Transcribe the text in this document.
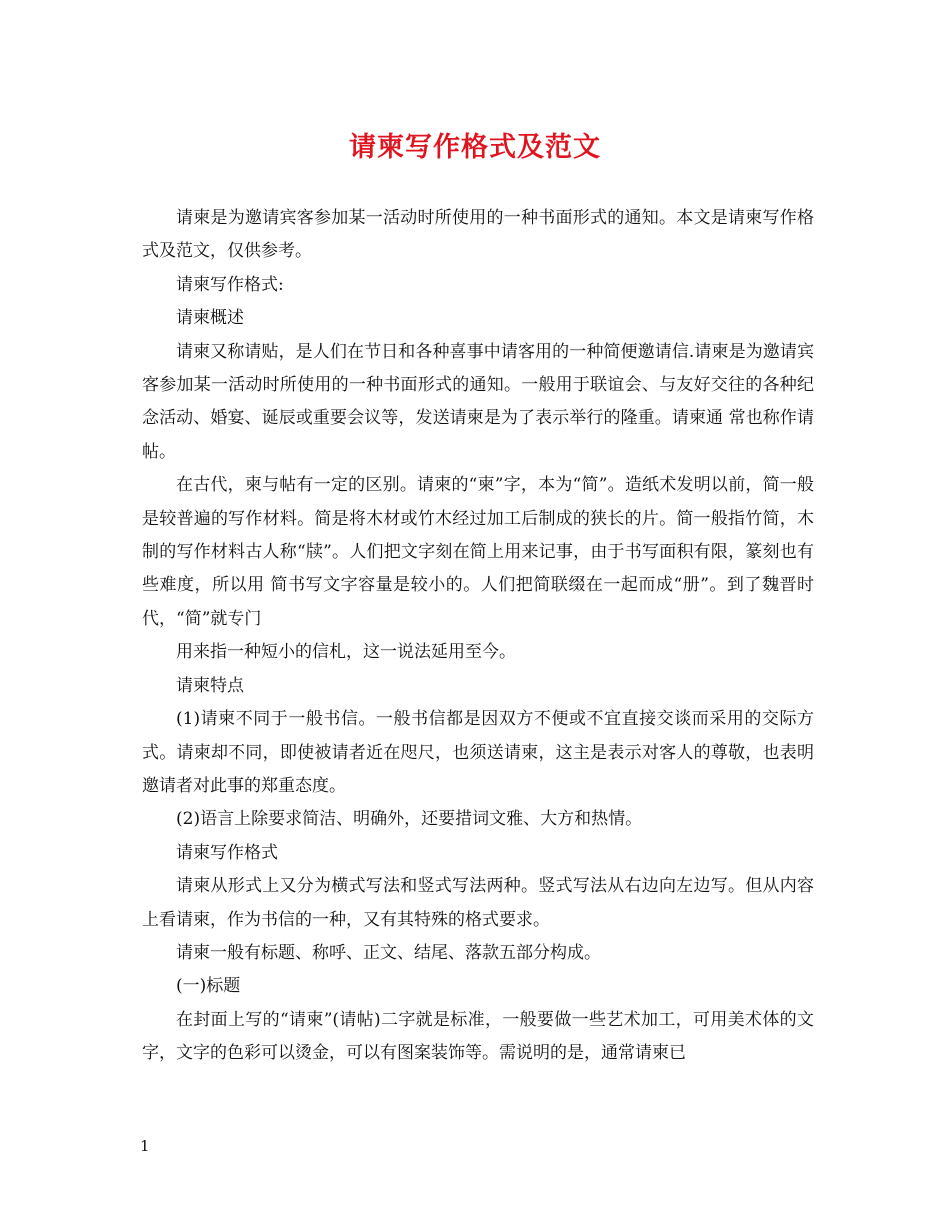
请柬写作格式及范文

请柬是为邀请宾客参加某一活动时所使用的一种书面形式的通知。本文是请柬写作格式及范文，仅供参考。

请柬写作格式:

请柬概述

请柬又称请贴，是人们在节日和各种喜事中请客用的一种简便邀请信.请柬是为邀请宾客参加某一活动时所使用的一种书面形式的通知。一般用于联谊会、与友好交往的各种纪念活动、婚宴、诞辰或重要会议等，发送请柬是为了表示举行的隆重。请柬通 常也称作请帖。

在古代，柬与帖有一定的区别。请柬的“柬”字，本为“简”。造纸术发明以前，简一般是较普遍的写作材料。简是将木材或竹木经过加工后制成的狭长的片。简一般指竹简，木制的写作材料古人称“牍”。人们把文字刻在简上用来记事，由于书写面积有限，篆刻也有些难度，所以用 简书写文字容量是较小的。人们把简联缀在一起而成“册”。到了魏晋时代，“简”就专门

用来指一种短小的信札，这一说法延用至今。

请柬特点

(1)请柬不同于一般书信。一般书信都是因双方不便或不宜直接交谈而采用的交际方式。请柬却不同，即使被请者近在咫尺，也须送请柬，这主是表示对客人的尊敬，也表明邀请者对此事的郑重态度。

(2)语言上除要求简洁、明确外，还要措词文雅、大方和热情。

请柬写作格式

请柬从形式上又分为横式写法和竖式写法两种。竖式写法从右边向左边写。但从内容上看请柬，作为书信的一种，又有其特殊的格式要求。

请柬一般有标题、称呼、正文、结尾、落款五部分构成。

(一)标题

在封面上写的“请柬”(请帖)二字就是标准，一般要做一些艺术加工，可用美术体的文字，文字的色彩可以烫金，可以有图案装饰等。需说明的是，通常请柬已

1
